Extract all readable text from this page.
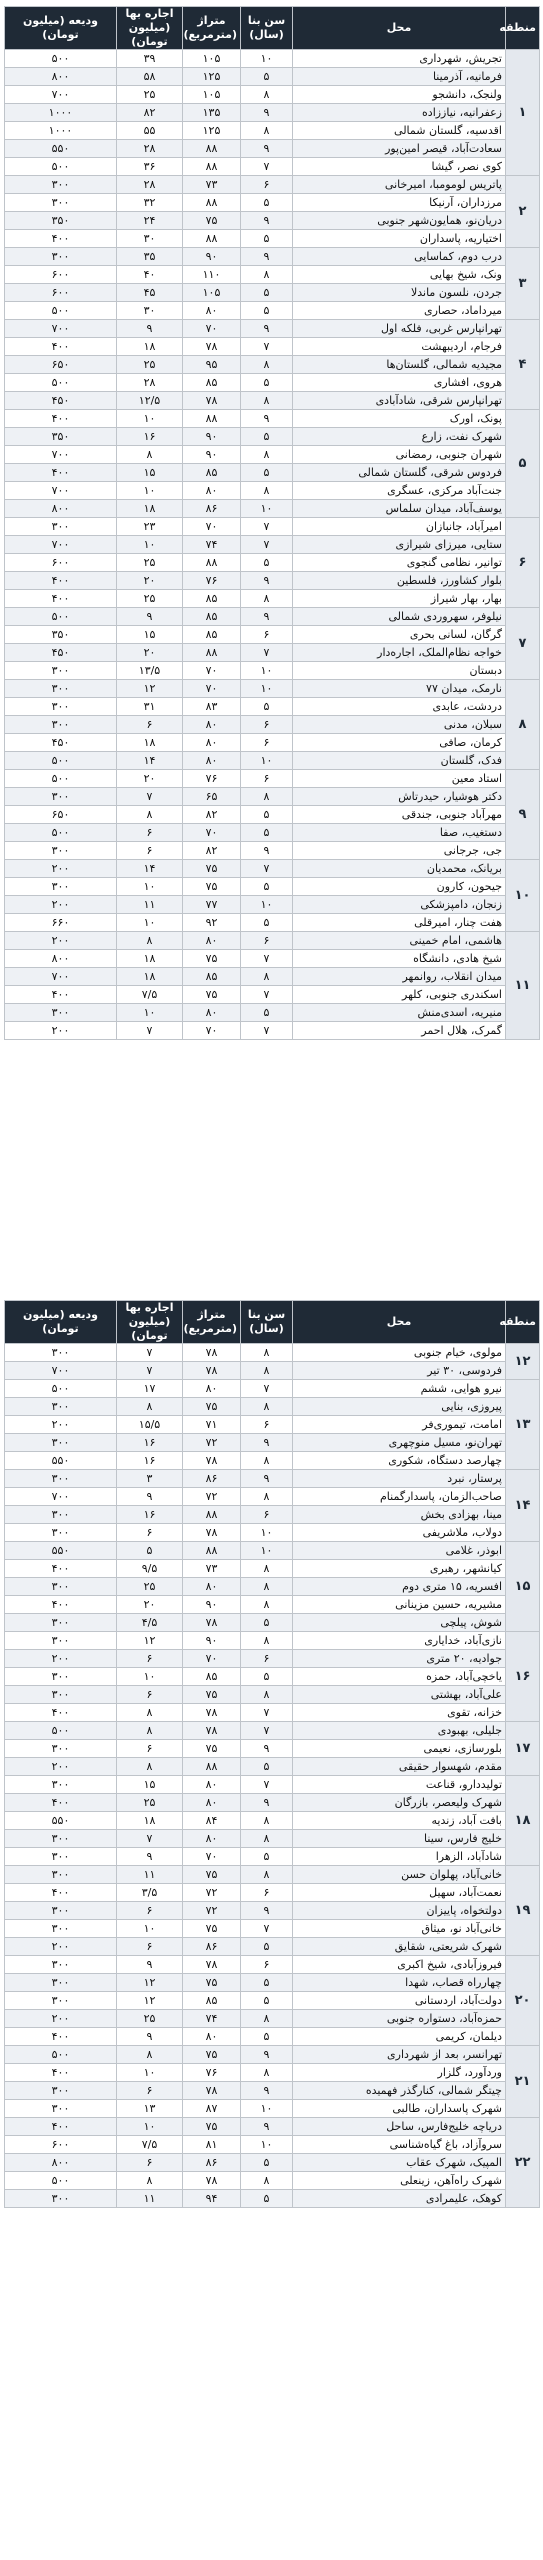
منطقه	محل	سن بنا (سال)	متراژ (مترمربع)	اجاره بها (میلیون تومان)	ودیعه (میلیون تومان)
۱	تجریش، شهرداری	۱۰	۱۰۵	۳۹	۵۰۰
	فرمانیه، آذرمینا	۵	۱۲۵	۵۸	۸۰۰
	ولنجک، دانشجو	۸	۱۰۵	۲۵	۷۰۰
	زعفرانیه، نیاززاده	۹	۱۳۵	۸۲	۱۰۰۰
	اقدسیه، گلستان شمالی	۸	۱۲۵	۵۵	۱۰۰۰
	سعادت‌آباد، قیصر امین‌پور	۹	۸۸	۲۸	۵۵۰
	کوی نصر، گیشا	۷	۸۸	۳۶	۵۰۰
۲	پاتریس لومومبا، امیرخانی	۶	۷۳	۲۸	۳۰۰
	مرزداران، آرنیکا	۵	۸۸	۳۲	۳۰۰
	دریان‌نو، همایون‌شهر جنوبی	۹	۷۵	۲۴	۳۵۰
	اختیاریه، پاسداران	۵	۸۸	۳۰	۴۰۰
۳	درب دوم، کماسایی	۹	۹۰	۳۵	۳۰۰
	ونک، شیخ بهایی	۸	۱۱۰	۴۰	۶۰۰
	جردن، نلسون ماندلا	۵	۱۰۵	۴۵	۶۰۰
	میرداماد، حصاری	۵	۸۰	۳۰	۵۰۰
۴	تهرانپارس غربی، فلکه اول	۹	۷۰	۹	۷۰۰
	فرجام، اردیبهشت	۷	۷۸	۱۸	۴۰۰
	مجیدیه شمالی، گلستان‌ها	۸	۹۵	۲۵	۶۵۰
	هروی، افشاری	۵	۸۵	۲۸	۵۰۰
	تهرانپارس شرقی، شادآبادی	۸	۷۸	۱۲/۵	۴۵۰
۵	پونک، اورک	۹	۸۸	۱۰	۴۰۰
	شهرک نفت، زارع	۵	۹۰	۱۶	۳۵۰
	شهران جنوبی، رمضانی	۸	۹۰	۸	۷۰۰
	فردوس شرقی، گلستان شمالی	۵	۸۵	۱۵	۴۰۰
	جنت‌آباد مرکزی، عسگری	۸	۸۰	۱۰	۷۰۰
	یوسف‌آباد، میدان سلماس	۱۰	۸۶	۱۸	۸۰۰
۶	امیرآباد، جانبازان	۷	۷۰	۲۳	۳۰۰
	ستایی، میرزای شیرازی	۷	۷۴	۱۰	۷۰۰
	توانیر، نظامی گنجوی	۵	۸۸	۲۵	۶۰۰
	بلوار کشاورز، فلسطین	۹	۷۶	۲۰	۴۰۰
	بهار، بهار شیراز	۸	۸۵	۲۵	۴۰۰
۷	نیلوفر، سهروردی شمالی	۹	۸۵	۹	۵۰۰
	گرگان، لسانی بحری	۶	۸۵	۱۵	۳۵۰
	خواجه نظام‌الملک، اجاره‌دار	۷	۸۸	۲۰	۴۵۰
	دبستان	۱۰	۷۰	۱۳/۵	۳۰۰
۸	نارمک، میدان ۷۷	۱۰	۷۰	۱۲	۳۰۰
	دردشت، عابدی	۵	۸۳	۳۱	۳۰۰
	سبلان، مدنی	۶	۸۰	۶	۳۰۰
	کرمان، صافی	۶	۸۰	۱۸	۴۵۰
	فدک، گلستان	۱۰	۸۰	۱۴	۵۰۰
۹	استاد معین	۶	۷۶	۲۰	۵۰۰
	دکتر هوشیار، حیدرتاش	۸	۶۵	۷	۳۰۰
	مهرآباد جنوبی، جندقی	۵	۸۲	۸	۶۵۰
	دستغیب، صفا	۵	۷۰	۶	۵۰۰
	جی، جرجانی	۹	۸۲	۶	۳۰۰
۱۰	بریانک، محمدیان	۷	۷۵	۱۴	۲۰۰
	جیحون، کارون	۵	۷۵	۱۰	۳۰۰
	زنجان، دامپزشکی	۱۰	۷۷	۱۱	۲۰۰
	هفت چنار، امیرقلی	۵	۹۲	۱۰	۶۶۰
۱۱	هاشمی، امام خمینی	۶	۸۰	۸	۲۰۰
	شیخ هادی، دانشگاه	۷	۷۵	۱۸	۸۰۰
	میدان انقلاب، روانمهر	۸	۸۵	۱۸	۷۰۰
	اسکندری جنوبی، کلهر	۷	۷۵	۷/۵	۴۰۰
	منیریه، اسدی‌منش	۵	۸۰	۱۰	۳۰۰
	گمرک، هلال احمر	۷	۷۰	۷	۲۰۰
منطقه	محل	سن بنا (سال)	متراژ (مترمربع)	اجاره بها (میلیون تومان)	ودیعه (میلیون تومان)
۱۲	مولوی، خیام جنوبی	۸	۷۸	۷	۳۰۰
	فردوسی، ۳۰ تیر	۸	۷۸	۷	۷۰۰
۱۳	نیرو هوایی، ششم	۷	۸۰	۱۷	۵۰۰
	پیروزی، بنایی	۸	۷۵	۸	۳۰۰
	امامت، تیموری‌فر	۶	۷۱	۱۵/۵	۲۰۰
	تهران‌نو، مسیل منوچهری	۹	۷۲	۱۶	۳۰۰
	چهارصد دستگاه، شکوری	۸	۷۸	۱۶	۵۵۰
۱۴	پرستار، نبرد	۹	۸۶	۳	۳۰۰
	صاحب‌الزمان، پاسدارگمنام	۸	۷۲	۹	۷۰۰
	مینا، بهزادی بخش	۶	۸۸	۱۶	۳۰۰
	دولاب، ملاشریفی	۱۰	۷۸	۶	۳۰۰
۱۵	ابوذر، غلامی	۱۰	۸۸	۵	۵۵۰
	کیانشهر، رهبری	۸	۷۳	۹/۵	۴۰۰
	افسریه، ۱۵ متری دوم	۸	۸۰	۲۵	۳۰۰
	مشیریه، حسین مزینانی	۸	۹۰	۲۰	۴۰۰
	شوش، پیلچی	۵	۷۸	۴/۵	۳۰۰
۱۶	نازی‌آباد، خدایاری	۸	۹۰	۱۲	۳۰۰
	جوادیه، ۲۰ متری	۶	۷۰	۶	۲۰۰
	یاخچی‌آباد، حمزه	۵	۸۵	۱۰	۳۰۰
	علی‌آباد، بهشتی	۸	۷۵	۶	۳۰۰
	خزانه، تقوی	۷	۷۸	۸	۴۰۰
۱۷	جلیلی، بهبودی	۷	۷۸	۸	۵۰۰
	بلورسازی، نعیمی	۹	۷۵	۶	۳۰۰
	مقدم، شهسوار حقیقی	۵	۸۸	۸	۲۰۰
۱۸	تولیددارو، قناعت	۷	۸۰	۱۵	۳۰۰
	شهرک ولیعصر، بازرگان	۹	۸۰	۲۵	۴۰۰
	بافت آباد، زندیه	۸	۸۴	۱۸	۵۵۰
	خلیج فارس، سینا	۸	۸۰	۷	۳۰۰
	شادآباد، الزهرا	۵	۷۰	۹	۳۰۰
۱۹	خانی‌آباد، پهلوان حسن	۸	۷۵	۱۱	۳۰۰
	نعمت‌آباد، سهیل	۶	۷۲	۳/۵	۴۰۰
	دولتخواه، پاییزان	۹	۷۲	۶	۳۰۰
	خانی‌آباد نو، میثاق	۷	۷۵	۱۰	۳۰۰
	شهرک شریعتی، شقایق	۵	۸۶	۶	۲۰۰
۲۰	فیروزآبادی، شیخ اکبری	۶	۷۸	۹	۳۰۰
	چهارراه قصاب، شهدا	۵	۷۵	۱۲	۳۰۰
	دولت‌آباد، اردستانی	۵	۸۵	۱۲	۳۰۰
	حمزه‌آباد، دستواره جنوبی	۸	۷۴	۲۵	۲۰۰
	دیلمان، کریمی	۵	۸۰	۹	۴۰۰
۲۱	تهرانسر، بعد از شهرداری	۹	۷۵	۸	۵۰۰
	وردآورد، گلزار	۸	۷۶	۱۰	۴۰۰
	چیتگر شمالی، کنارگذر فهمیده	۹	۷۸	۶	۳۰۰
	شهرک پاسداران، طالبی	۱۰	۸۷	۱۳	۳۰۰
۲۲	دریاچه خلیج‌فارس، ساحل	۹	۷۵	۱۰	۴۰۰
	سروآزاد، باغ گیاه‌شناسی	۱۰	۸۱	۷/۵	۶۰۰
	المپیک، شهرک عقاب	۵	۸۶	۶	۸۰۰
	شهرک راه‌آهن، زینعلی	۸	۷۸	۸	۵۰۰
	کوهک، علیمرادی	۵	۹۴	۱۱	۳۰۰
